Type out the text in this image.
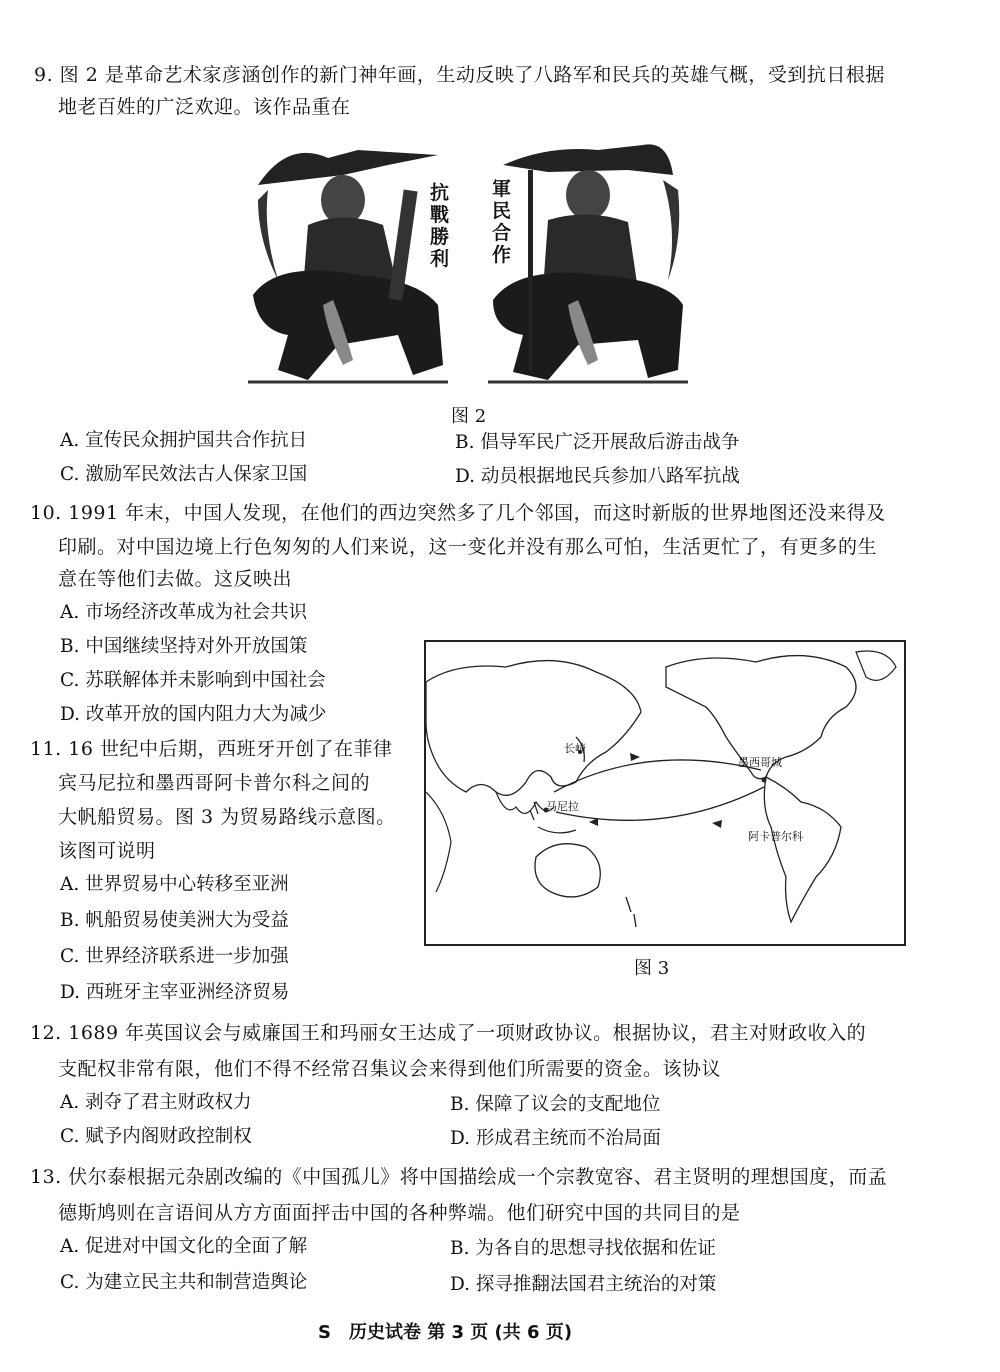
9. 图 2 是革命艺术家彦涵创作的新门神年画，生动反映了八路军和民兵的英雄气概，受到抗日根据
地老百姓的广泛欢迎。该作品重在
抗戰勝利
軍民合作
图 2
A. 宣传民众拥护国共合作抗日	B. 倡导军民广泛开展敌后游击战争
C. 激励军民效法古人保家卫国	D. 动员根据地民兵参加八路军抗战
10. 1991 年末，中国人发现，在他们的西边突然多了几个邻国，而这时新版的世界地图还没来得及
印刷。对中国边境上行色匆匆的人们来说，这一变化并没有那么可怕，生活更忙了，有更多的生
意在等他们去做。这反映出
A. 市场经济改革成为社会共识
B. 中国继续坚持对外开放国策
C. 苏联解体并未影响到中国社会
D. 改革开放的国内阻力大为减少
长崎
马尼拉
墨西哥城
阿卡普尔科
图 3
11. 16 世纪中后期，西班牙开创了在菲律
宾马尼拉和墨西哥阿卡普尔科之间的
大帆船贸易。图 3 为贸易路线示意图。
该图可说明
A. 世界贸易中心转移至亚洲
B. 帆船贸易使美洲大为受益
C. 世界经济联系进一步加强
D. 西班牙主宰亚洲经济贸易
12. 1689 年英国议会与威廉国王和玛丽女王达成了一项财政协议。根据协议，君主对财政收入的
支配权非常有限，他们不得不经常召集议会来得到他们所需要的资金。该协议
A. 剥夺了君主财政权力	B. 保障了议会的支配地位
C. 赋予内阁财政控制权	D. 形成君主统而不治局面
13. 伏尔泰根据元杂剧改编的《中国孤儿》将中国描绘成一个宗教宽容、君主贤明的理想国度，而孟
德斯鸠则在言语间从方方面面抨击中国的各种弊端。他们研究中国的共同目的是
A. 促进对中国文化的全面了解	B. 为各自的思想寻找依据和佐证
C. 为建立民主共和制营造舆论	D. 探寻推翻法国君主统治的对策
S　历史试卷 第 3 页 (共 6 页)
